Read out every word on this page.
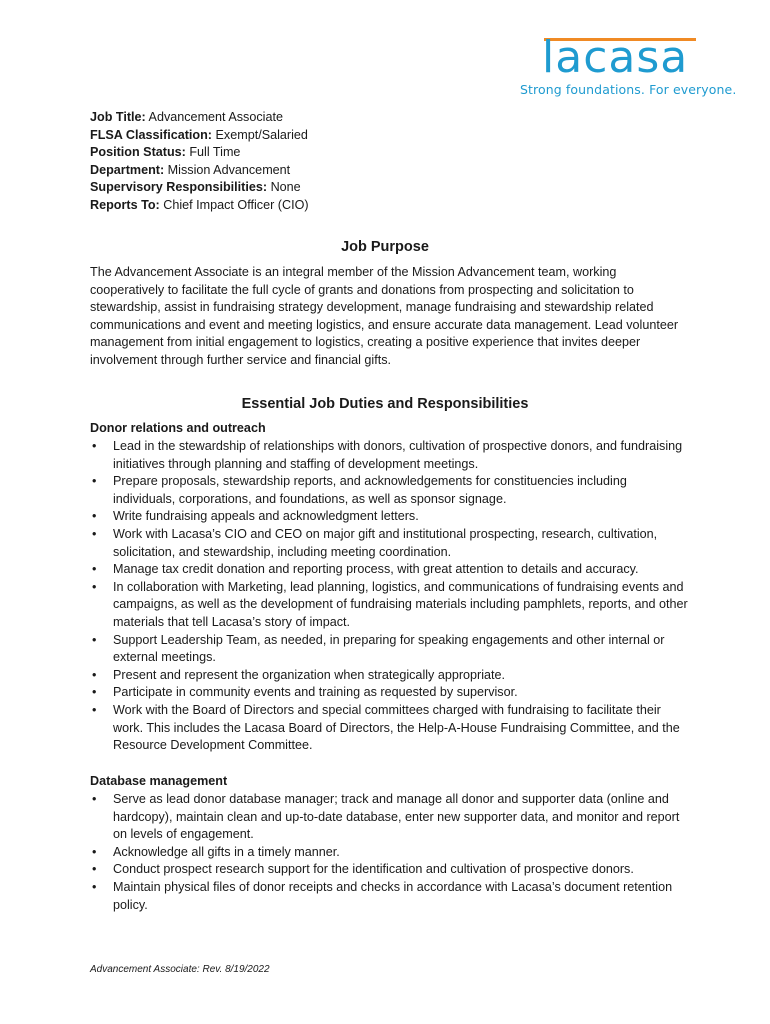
lacasa
Strong foundations. For everyone.
Job Title: Advancement Associate
FLSA Classification: Exempt/Salaried
Position Status: Full Time
Department: Mission Advancement
Supervisory Responsibilities: None
Reports To: Chief Impact Officer (CIO)
Job Purpose
The Advancement Associate is an integral member of the Mission Advancement team, working cooperatively to facilitate the full cycle of grants and donations from prospecting and solicitation to stewardship, assist in fundraising strategy development, manage fundraising and stewardship related communications and event and meeting logistics, and ensure accurate data management. Lead volunteer management from initial engagement to logistics, creating a positive experience that invites deeper involvement through further service and financial gifts.
Essential Job Duties and Responsibilities
Donor relations and outreach
• Lead in the stewardship of relationships with donors, cultivation of prospective donors, and fundraising initiatives through planning and staffing of development meetings.
• Prepare proposals, stewardship reports, and acknowledgements for constituencies including individuals, corporations, and foundations, as well as sponsor signage.
• Write fundraising appeals and acknowledgment letters.
• Work with Lacasa’s CIO and CEO on major gift and institutional prospecting, research, cultivation, solicitation, and stewardship, including meeting coordination.
• Manage tax credit donation and reporting process, with great attention to details and accuracy.
• In collaboration with Marketing, lead planning, logistics, and communications of fundraising events and campaigns, as well as the development of fundraising materials including pamphlets, reports, and other materials that tell Lacasa’s story of impact.
• Support Leadership Team, as needed, in preparing for speaking engagements and other internal or external meetings.
• Present and represent the organization when strategically appropriate.
• Participate in community events and training as requested by supervisor.
• Work with the Board of Directors and special committees charged with fundraising to facilitate their work. This includes the Lacasa Board of Directors, the Help-A-House Fundraising Committee, and the Resource Development Committee.
Database management
• Serve as lead donor database manager; track and manage all donor and supporter data (online and hardcopy), maintain clean and up-to-date database, enter new supporter data, and monitor and report on levels of engagement.
• Acknowledge all gifts in a timely manner.
• Conduct prospect research support for the identification and cultivation of prospective donors.
• Maintain physical files of donor receipts and checks in accordance with Lacasa’s document retention policy.
Advancement Associate: Rev. 8/19/2022
